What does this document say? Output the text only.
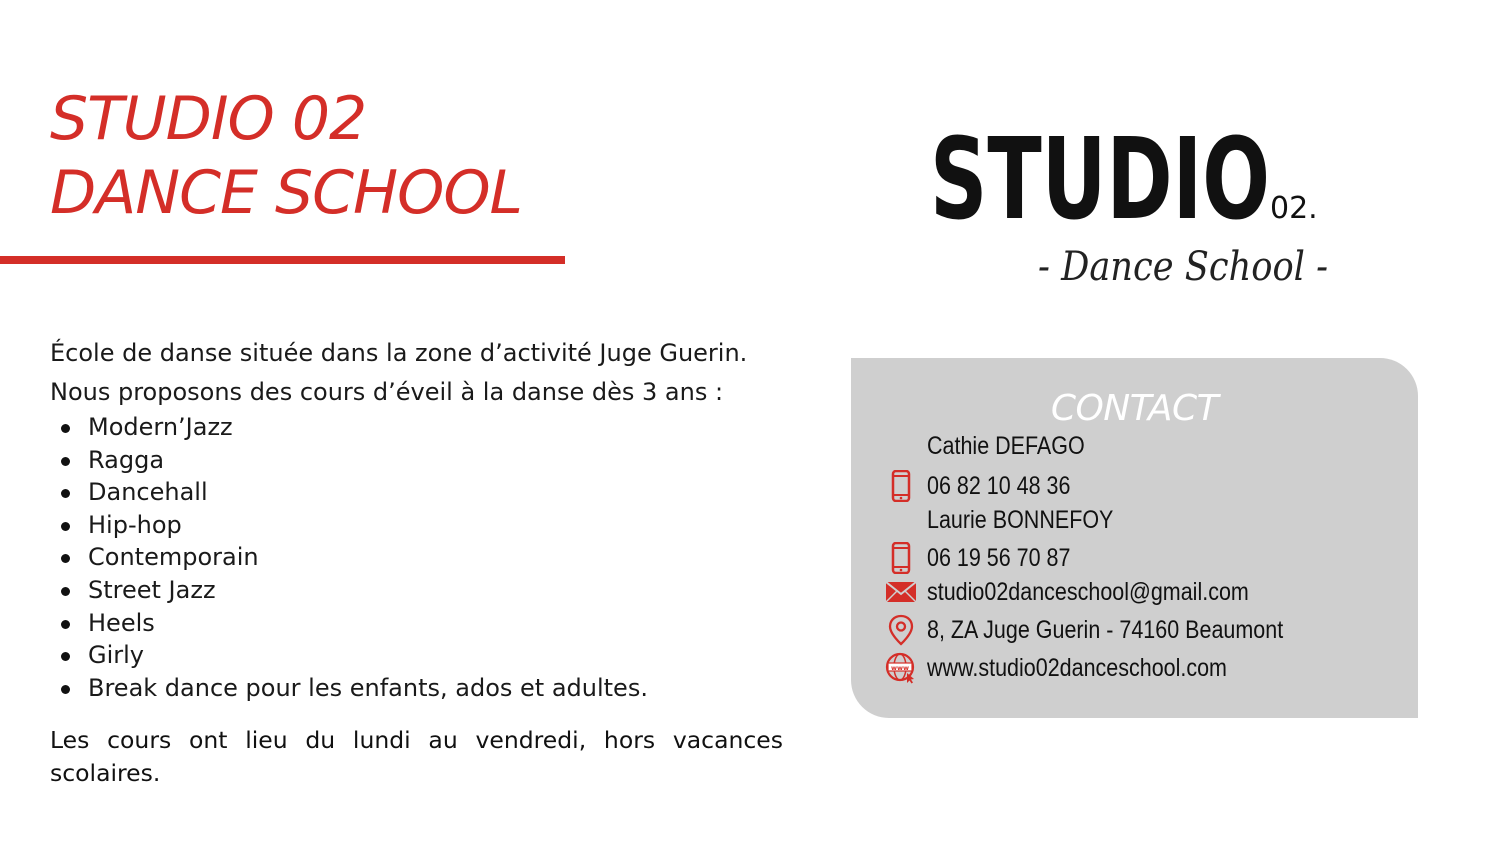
STUDIO 02
DANCE SCHOOL	STUDIO 02.
- Dance School -

École de danse située dans la zone d’activité Juge Guerin.

Nous proposons des cours d’éveil à la danse dès 3 ans :

Modern’Jazz
Ragga
Dancehall
Hip-hop
Contemporain
Street Jazz
Heels
Girly
Break dance pour les enfants, ados et adultes.

Les cours ont lieu du lundi au vendredi, hors vacances scolaires.

CONTACT
Cathie DEFAGO
06 82 10 48 36
Laurie BONNEFOY
06 19 56 70 87
studio02danceschool@gmail.com
8, ZA Juge Guerin - 74160 Beaumont
www www.studio02danceschool.com
